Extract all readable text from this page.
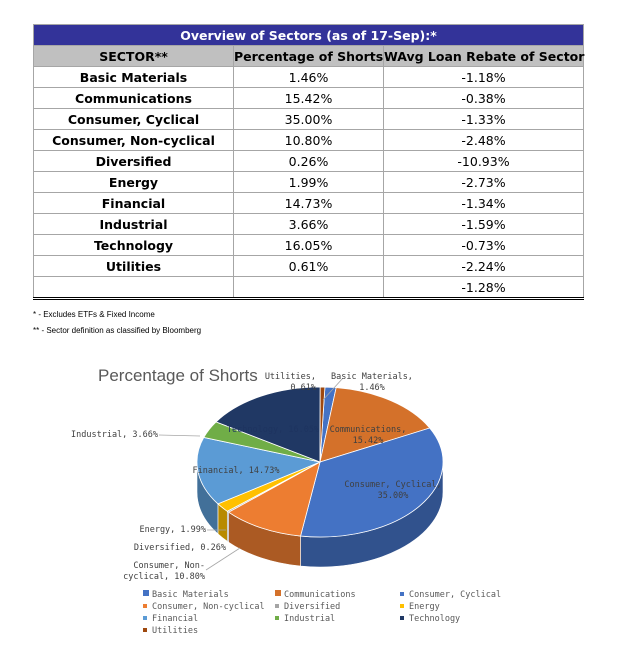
Overview of Sectors (as of 17-Sep):*		
SECTOR**	Percentage of Shorts	WAvg Loan Rebate of Sector
Basic Materials	1.46%	-1.18%
Communications	15.42%	-0.38%
Consumer, Cyclical	35.00%	-1.33%
Consumer, Non-cyclical	10.80%	-2.48%
Diversified	0.26%	-10.93%
Energy	1.99%	-2.73%
Financial	14.73%	-1.34%
Industrial	3.66%	-1.59%
Technology	16.05%	-0.73%
Utilities	0.61%	-2.24%
		-1.28%
* - Excludes ETFs & Fixed Income
** - Sector definition as classified by Bloomberg
Percentage of Shorts	Basic Materials, 1.46%
Communications, 15.42%
Consumer, Cyclical, 35.00%
Consumer, Non-cyclical, 10.80%
Diversified, 0.26%
Energy, 1.99%
Financial, 14.73%
Industrial, 3.66%	Technology, 16.05%
Utilities, 0.61%
Basic Materials	Communications	Consumer, Cyclical
Consumer, Non-cyclical Diversified	Energy
Financial	Industrial	Technology
Utilities
